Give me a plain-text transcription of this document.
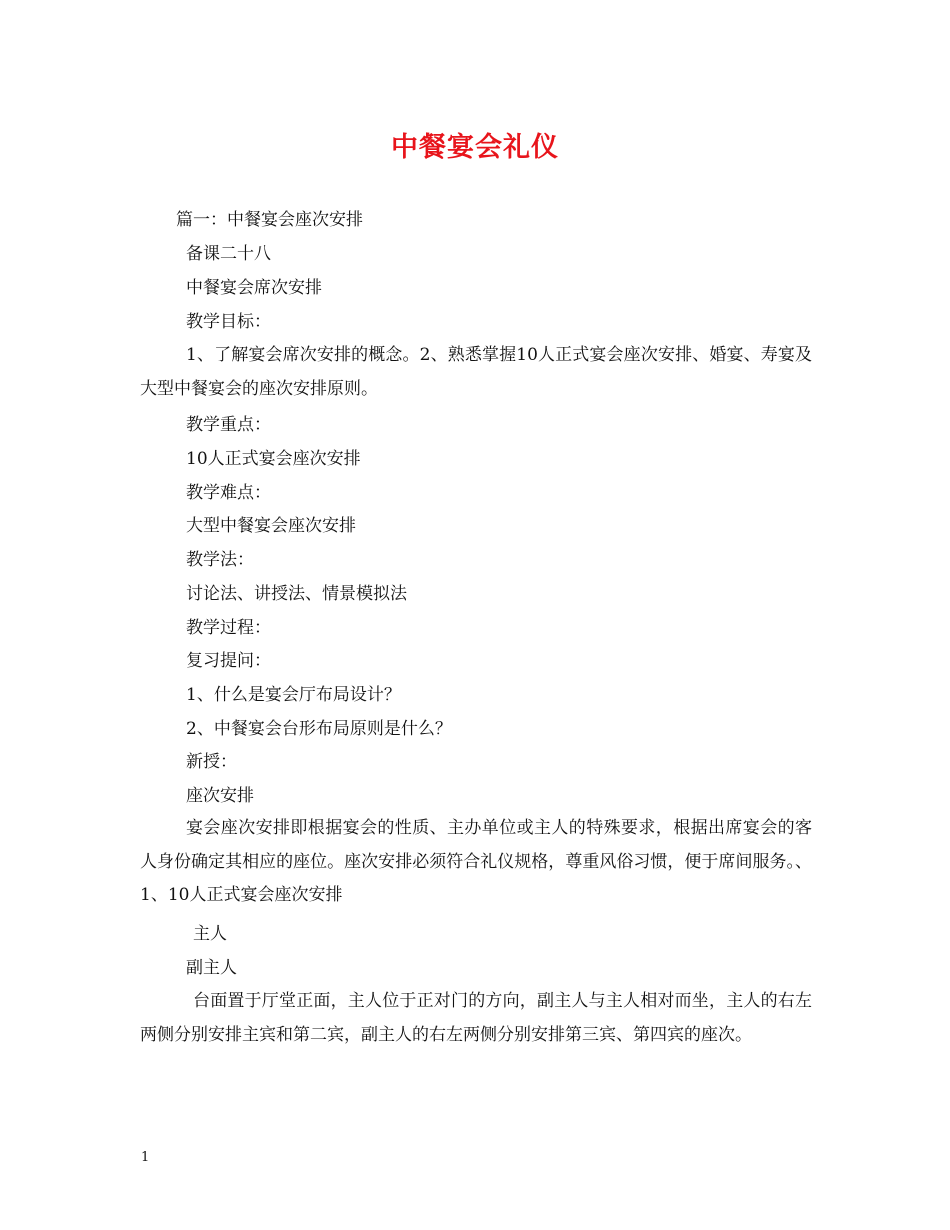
中餐宴会礼仪
篇一：中餐宴会座次安排
备课二十八
中餐宴会席次安排
教学目标：
1、了解宴会席次安排的概念。2、熟悉掌握10人正式宴会座次安排、婚宴、寿宴及大型中餐宴会的座次安排原则。
教学重点：
10人正式宴会座次安排
教学难点：
大型中餐宴会座次安排
教学法：
讨论法、讲授法、情景模拟法
教学过程：
复习提问：
1、什么是宴会厅布局设计？
2、中餐宴会台形布局原则是什么？
新授：
座次安排
宴会座次安排即根据宴会的性质、主办单位或主人的特殊要求，根据出席宴会的客人身份确定其相应的座位。座次安排必须符合礼仪规格，尊重风俗习惯，便于席间服务。、 1、10人正式宴会座次安排
主人
副主人
台面置于厅堂正面，主人位于正对门的方向，副主人与主人相对而坐，主人的右左两侧分别安排主宾和第二宾，副主人的右左两侧分别安排第三宾、第四宾的座次。
1
